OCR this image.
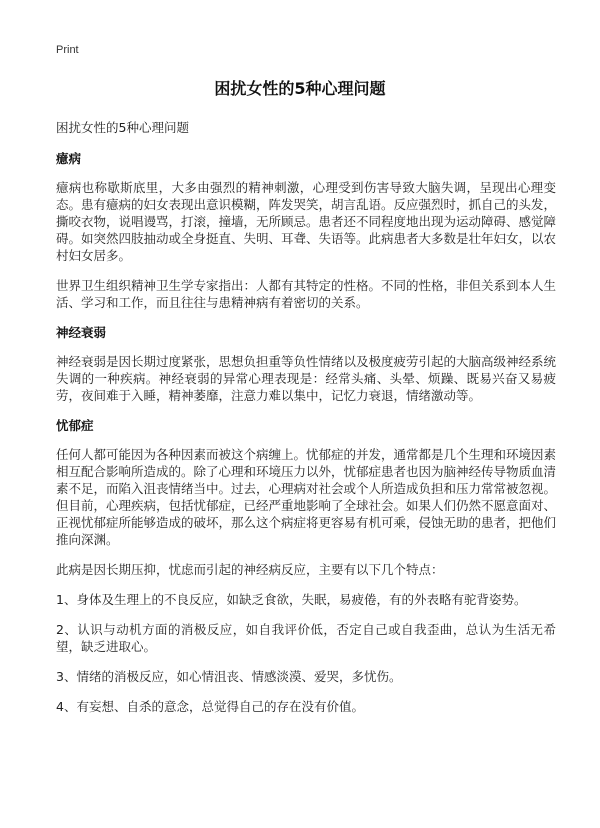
Print
困扰女性的5种心理问题

困扰女性的5种心理问题

癔病

癔病也称歇斯底里，大多由强烈的精神刺激，心理受到伤害导致大脑失调，呈现出心理变态。患有癔病的妇女表现出意识模糊，阵发哭笑，胡言乱语。反应强烈时，抓自己的头发，撕咬衣物，说唱谩骂，打滚，撞墙，无所顾忌。患者还不同程度地出现为运动障碍、感觉障碍。如突然四肢抽动或全身挺直、失明、耳聋、失语等。此病患者大多数是壮年妇女，以农村妇女居多。

世界卫生组织精神卫生学专家指出：人都有其特定的性格。不同的性格，非但关系到本人生活、学习和工作，而且往往与患精神病有着密切的关系。

神经衰弱

神经衰弱是因长期过度紧张，思想负担重等负性情绪以及极度疲劳引起的大脑高级神经系统失调的一种疾病。神经衰弱的异常心理表现是：经常头痛、头晕、烦躁、既易兴奋又易疲劳，夜间难于入睡，精神萎靡，注意力难以集中，记忆力衰退，情绪激动等。

忧郁症

任何人都可能因为各种因素而被这个病缠上。忧郁症的并发，通常都是几个生理和环境因素相互配合影响所造成的。除了心理和环境压力以外，忧郁症患者也因为脑神经传导物质血清素不足，而陷入沮丧情绪当中。过去，心理病对社会或个人所造成负担和压力常常被忽视。但目前，心理疾病，包括忧郁症，已经严重地影响了全球社会。如果人们仍然不愿意面对、正视忧郁症所能够造成的破坏，那么这个病症将更容易有机可乘，侵蚀无助的患者，把他们推向深渊。

此病是因长期压抑，忧虑而引起的神经病反应，主要有以下几个特点：

1、身体及生理上的不良反应，如缺乏食欲，失眠，易疲倦，有的外表略有驼背姿势。

2、认识与动机方面的消极反应，如自我评价低，否定自己或自我歪曲，总认为生活无希望，缺乏进取心。

3、情绪的消极反应，如心情沮丧、情感淡漠、爱哭，多忧伤。

4、有妄想、自杀的意念，总觉得自己的存在没有价值。
